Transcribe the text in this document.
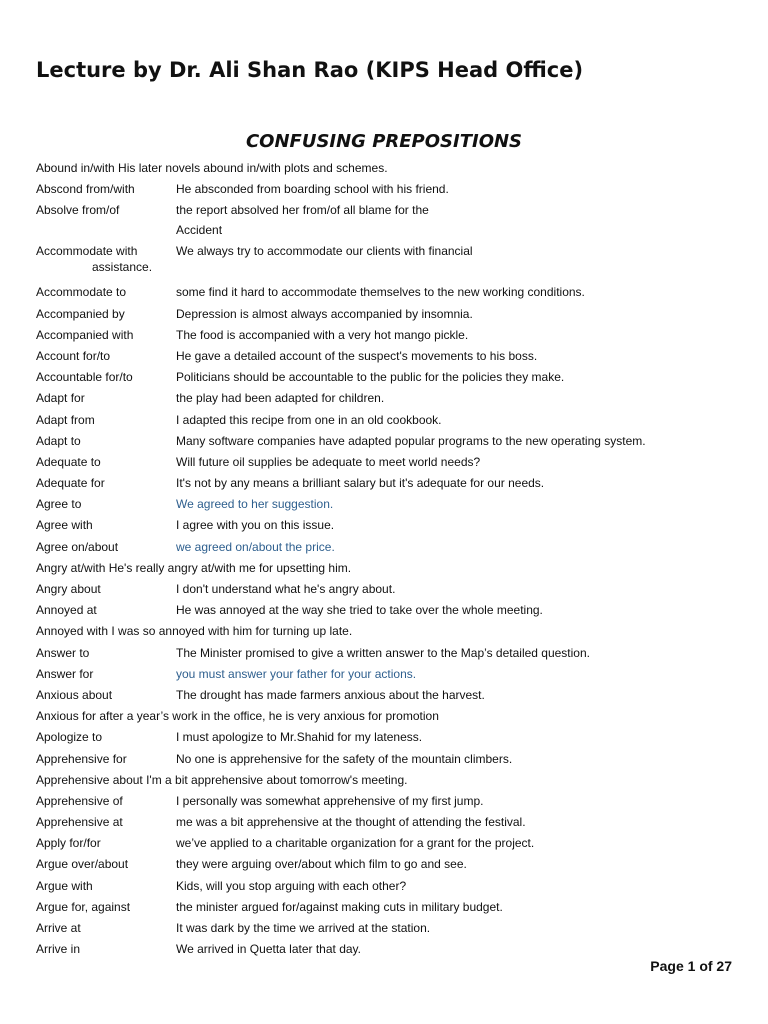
Lecture by Dr. Ali Shan Rao (KIPS Head Office)
CONFUSING PREPOSITIONS
Abound in/with His later novels abound in/with plots and schemes.
Abscond from/with	He absconded from boarding school with his friend.
Absolve from/of	the report absolved her from/of all blame for the
Accident
Accommodate with	We always try to accommodate our clients with financial
assistance.
Accommodate to	some find it hard to accommodate themselves to the new working conditions.
Accompanied by	Depression is almost always accompanied by insomnia.
Accompanied with	The food is accompanied with a very hot mango pickle.
Account for/to	He gave a detailed account of the suspect's movements to his boss.
Accountable for/to	Politicians should be accountable to the public for the policies they make.
Adapt for	the play had been adapted for children.
Adapt from	I adapted this recipe from one in an old cookbook.
Adapt to	Many software companies have adapted popular programs to the new operating system.
Adequate to	Will future oil supplies be adequate to meet world needs?
Adequate for	It's not by any means a brilliant salary but it's adequate for our needs.
Agree to	We agreed to her suggestion.
Agree with	I agree with you on this issue.
Agree on/about	we agreed on/about the price.
Angry at/with He's really angry at/with me for upsetting him.
Angry about	I don't understand what he's angry about.
Annoyed at	He was annoyed at the way she tried to take over the whole meeting.
Annoyed with I was so annoyed with him for turning up late.
Answer to	The Minister promised to give a written answer to the Map’s detailed question.
Answer for	you must answer your father for your actions.
Anxious about	The drought has made farmers anxious about the harvest.
Anxious for after a year’s work in the office, he is very anxious for promotion
Apologize to	I must apologize to Mr.Shahid for my lateness.
Apprehensive for	No one is apprehensive for the safety of the mountain climbers.
Apprehensive about I'm a bit apprehensive about tomorrow's meeting.
Apprehensive of	I personally was somewhat apprehensive of my first jump.
Apprehensive at	me was a bit apprehensive at the thought of attending the festival.
Apply for/for	we’ve applied to a charitable organization for a grant for the project.
Argue over/about	they were arguing over/about which film to go and see.
Argue with	Kids, will you stop arguing with each other?
Argue for, against	the minister argued for/against making cuts in military budget.
Arrive at	It was dark by the time we arrived at the station.
Arrive in	We arrived in Quetta later that day.
Page 1 of 27
